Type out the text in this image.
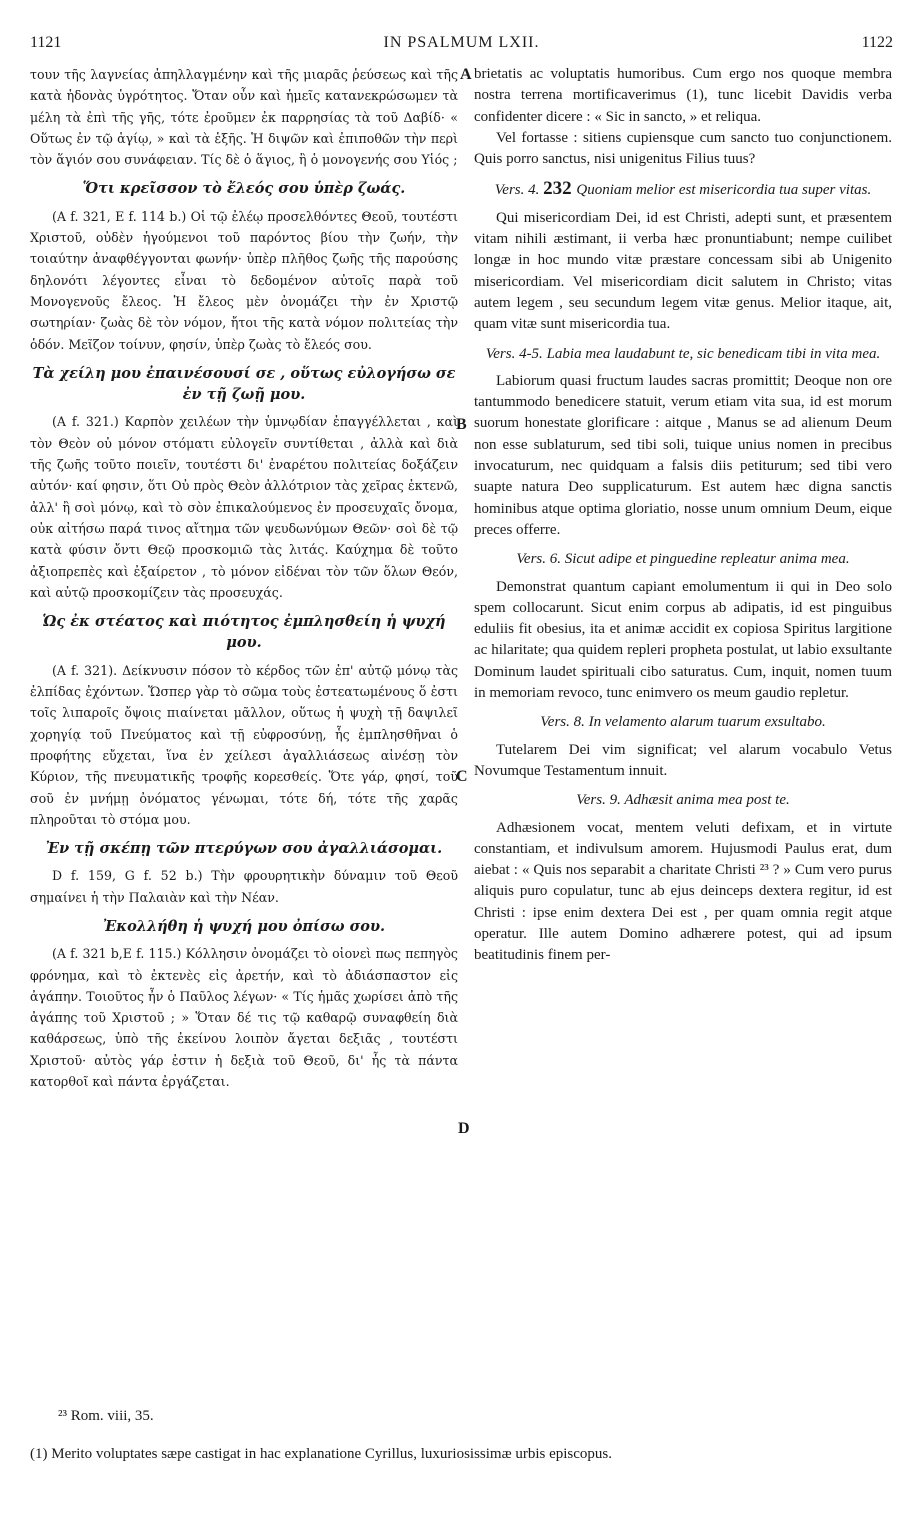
1121	IN PSALMUM LXII.	1122
τουν τῆς λαγνείας ἀπηλλαγμένην καὶ τῆς μιαρᾶς ῥεύσεως καὶ τῆς κατὰ ἡδονὰς ὑγρότητος. Ὅταν οὖν καὶ ἡμεῖς κατανεκρώσωμεν τὰ μέλη τὰ ἐπὶ τῆς γῆς, τότε ἐροῦμεν ἐκ παρρησίας τὰ τοῦ Δαβίδ· « Οὕτως ἐν τῷ ἁγίῳ, » καὶ τὰ ἑξῆς. Ἡ διψῶν καὶ ἐπιποθῶν τὴν περὶ τὸν ἅγιόν σου συνάφειαν. Τίς δὲ ὁ ἅγιος, ἢ ὁ μονογενής σου Υἱός ;
Ὅτι κρεῖσσον τὸ ἔλεός σου ὑπὲρ ζωάς.
(A f. 321, E f. 114 b.) Οἱ τῷ ἐλέῳ προσελθόντες Θεοῦ, τουτέστι Χριστοῦ, οὐδὲν ἡγούμενοι τοῦ παρόντος βίου τὴν ζωήν, τὴν τοιαύτην ἀναφθέγγονται φωνήν· ὑπὲρ πλῆθος ζωῆς τῆς παρούσης δηλονότι λέγοντες εἶναι τὸ δεδομένον αὐτοῖς παρὰ τοῦ Μονογενοῦς ἔλεος. Ἡ ἔλεος μὲν ὀνομάζει τὴν ἐν Χριστῷ σωτηρίαν· ζωὰς δὲ τὸν νόμον, ἤτοι τῆς κατὰ νόμον πολιτείας τὴν ὁδόν. Μεῖζον τοίνυν, φησίν, ὑπὲρ ζωὰς τὸ ἔλεός σου.
Τὰ χείλη μου ἐπαινέσουσί σε , οὕτως εὐλογήσω σε ἐν τῇ ζωῇ μου.
(A f. 321.) Καρπὸν χειλέων τὴν ὑμνῳδίαν ἐπαγγέλλεται , καὶ τὸν Θεὸν οὐ μόνον στόματι εὐλογεῖν συντίθεται , ἀλλὰ καὶ διὰ τῆς ζωῆς τοῦτο ποιεῖν, τουτέστι δι' ἐναρέτου πολιτείας δοξάζειν αὐτόν· καί φησιν, ὅτι Οὐ πρὸς Θεὸν ἀλλότριον τὰς χεῖρας ἐκτενῶ, ἀλλ' ἢ σοὶ μόνῳ, καὶ τὸ σὸν ἐπικαλούμενος ἐν προσευχαῖς ὄνομα, οὐκ αἰτήσω παρά τινος αἴτημα τῶν ψευδωνύμων Θεῶν· σοὶ δὲ τῷ κατὰ φύσιν ὄντι Θεῷ προσκομιῶ τὰς λιτάς. Καύχημα δὲ τοῦτο ἀξιοπρεπὲς καὶ ἐξαίρετον , τὸ μόνον εἰδέναι τὸν τῶν ὅλων Θεόν, καὶ αὐτῷ προσκομίζειν τὰς προσευχάς.
Ὡς ἐκ στέατος καὶ πιότητος ἐμπλησθείη ἡ ψυχή μου.
(A f. 321). Δείκνυσιν πόσον τὸ κέρδος τῶν ἐπ' αὐτῷ μόνῳ τὰς ἐλπίδας ἐχόντων. Ὥσπερ γὰρ τὸ σῶμα τοὺς ἐστεατωμένους ὅ ἐστι τοῖς λιπαροῖς ὄψοις πιαίνεται μᾶλλον, οὕτως ἡ ψυχὴ τῇ δαψιλεῖ χορηγίᾳ τοῦ Πνεύματος καὶ τῇ εὐφροσύνῃ, ἧς ἐμπλησθῆναι ὁ προφήτης εὔχεται, ἵνα ἐν χείλεσι ἀγαλλιάσεως αἰνέσῃ τὸν Κύριον, τῆς πνευματικῆς τροφῆς κορεσθείς. Ὅτε γάρ, φησί, τοῦ σοῦ ἐν μνήμῃ ὀνόματος γένωμαι, τότε δή, τότε τῆς χαρᾶς πληροῦται τὸ στόμα μου.
Ἐν τῇ σκέπῃ τῶν πτερύγων σου ἀγαλλιάσομαι.
D f. 159, G f. 52 b.) Τὴν φρουρητικὴν δύναμιν τοῦ Θεοῦ σημαίνει ἡ τὴν Παλαιὰν καὶ τὴν Νέαν.
Ἐκολλήθη ἡ ψυχή μου ὀπίσω σου.
(A f. 321 b,E f. 115.) Κόλλησιν ὀνομάζει τὸ οἱονεὶ πως πεπηγὸς φρόνημα, καὶ τὸ ἐκτενὲς εἰς ἀρετήν, καὶ τὸ ἀδιάσπαστον εἰς ἀγάπην. Τοιοῦτος ἦν ὁ Παῦλος λέγων· « Τίς ἡμᾶς χωρίσει ἀπὸ τῆς ἀγάπης τοῦ Χριστοῦ ; » Ὅταν δέ τις τῷ καθαρῷ συναφθείη διὰ καθάρσεως, ὑπὸ τῆς ἐκείνου λοιπὸν ἄγεται δεξιᾶς , τουτέστι Χριστοῦ· αὐτὸς γάρ ἐστιν ἡ δεξιὰ τοῦ Θεοῦ, δι' ἧς τὰ πάντα κατορθοῖ καὶ πάντα ἐργάζεται.
brietatis ac voluptatis humoribus. Cum ergo nos quoque membra nostra terrena mortificaverimus (1), tunc licebit Davidis verba confidenter dicere : « Sic in sancto, » et reliqua.
Vel fortasse : sitiens cupiensque cum sancto tuo conjunctionem. Quis porro sanctus, nisi unigenitus Filius tuus?
Vers. 4. 232 Quoniam melior est misericordia tua super vitas.
Qui misericordiam Dei, id est Christi, adepti sunt, et præsentem vitam nihili æstimant, ii verba hæc pronuntiabunt; nempe cuilibet longæ in hoc mundo vitæ præstare concessam sibi ab Unigenito misericordiam. Vel misericordiam dicit salutem in Christo; vitas autem legem , seu secundum legem vitæ genus. Melior itaque, ait, quam vitæ sunt misericordia tua.
Vers. 4-5. Labia mea laudabunt te, sic benedicam tibi in vita mea.
Labiorum quasi fructum laudes sacras promittit; Deoque non ore tantummodo benedicere statuit, verum etiam vita sua, id est morum suorum honestate glorificare : aitque , Manus se ad alienum Deum non esse sublaturum, sed tibi soli, tuique unius nomen in precibus invocaturum, nec quidquam a falsis diis petiturum; sed tibi vero suapte natura Deo supplicaturum. Est autem hæc digna sanctis hominibus atque optima gloriatio, nosse unum omnium Deum, eique preces offerre.
Vers. 6. Sicut adipe et pinguedine repleatur anima mea.
Demonstrat quantum capiant emolumentum ii qui in Deo solo spem collocarunt. Sicut enim corpus ab adipatis, id est pinguibus eduliis fit obesius, ita et animæ accidit ex copiosa Spiritus largitione ac hilaritate; qua quidem repleri propheta postulat, ut labio exsultante Dominum laudet spirituali cibo saturatus. Cum, inquit, nomen tuum in memoriam revoco, tunc enimvero os meum gaudio repletur.
Vers. 8. In velamento alarum tuarum exsultabo.
Tutelarem Dei vim significat; vel alarum vocabulo Vetus Novumque Testamentum innuit.
Vers. 9. Adhæsit anima mea post te.
Adhæsionem vocat, mentem veluti defixam, et in virtute constantiam, et indivulsum amorem. Hujusmodi Paulus erat, dum aiebat : « Quis nos separabit a charitate Christi ²³ ? » Cum vero purus aliquis puro copulatur, tunc ab ejus deinceps dextera regitur, id est Christi : ipse enim dextera Dei est , per quam omnia regit atque operatur. Ille autem Domino adhærere potest, qui ad ipsum beatitudinis finem per-
A
B
C
D
²³ Rom. viii, 35.
(1) Merito voluptates sæpe castigat in hac explanatione Cyrillus, luxuriosissimæ urbis episcopus.
